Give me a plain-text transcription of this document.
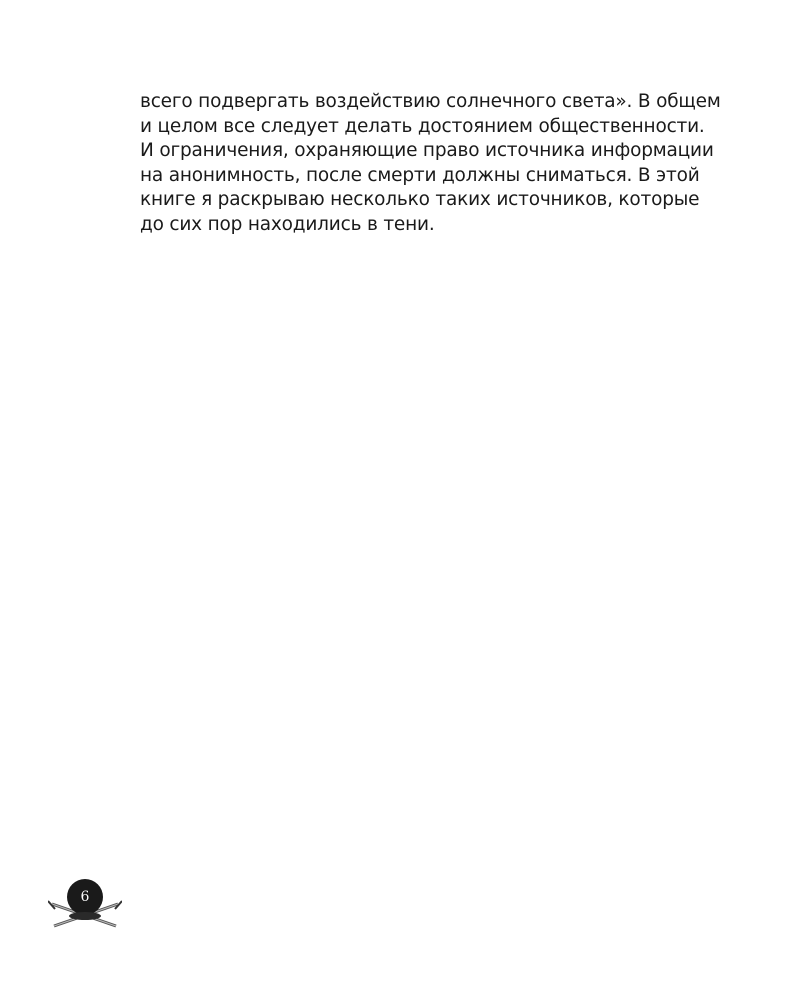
всего подвергать воздействию солнечного света». В общем
и целом все следует делать достоянием общественности.
И ограничения, охраняющие право источника информации
на анонимность, после смерти должны сниматься. В этой
книге я раскрываю несколько таких источников, которые
до сих пор находились в тени.
6
